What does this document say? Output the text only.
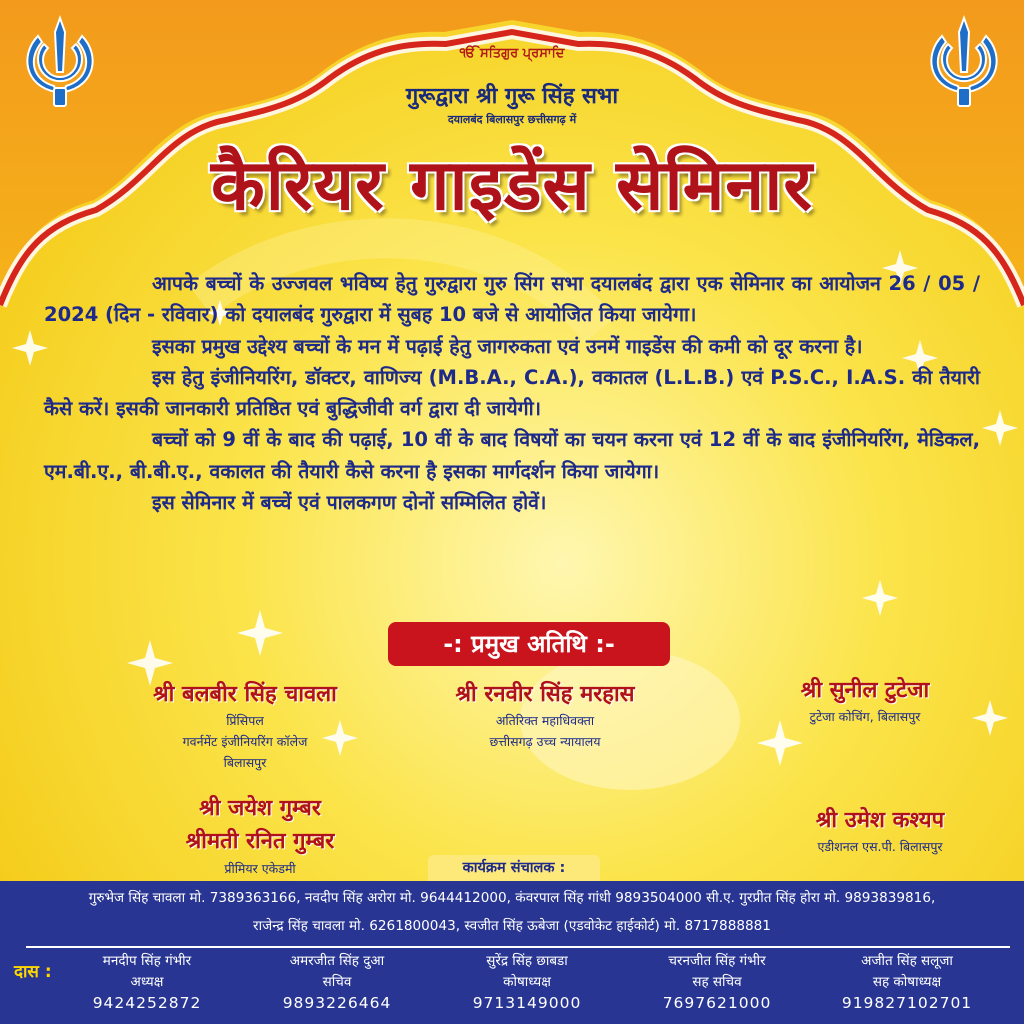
ੴ ਸਤਿਗੁਰ ਪ੍ਰਸਾਦਿ
गुरूद्वारा श्री गुरू सिंह सभा
दयालबंद बिलासपुर छत्तीसगढ़ में
कैरियर गाइडेंस सेमिनार

आपके बच्चों के उज्जवल भविष्य हेतु गुरुद्वारा गुरु सिंग सभा दयालबंद द्वारा एक सेमिनार का आयोजन 26 / 05 / 2024 (दिन - रविवार) को दयालबंद गुरुद्वारा में सुबह 10 बजे से आयोजित किया जायेगा।

इसका प्रमुख उद्देश्य बच्चों के मन में पढ़ाई हेतु जागरुकता एवं उनमें गाइडेंस की कमी को दूर करना है।

इस हेतु इंजीनियरिंग, डॉक्टर, वाणिज्य (M.B.A., C.A.), वकातल (L.L.B.) एवं P.S.C., I.A.S. की तैयारी कैसे करें। इसकी जानकारी प्रतिष्ठित एवं बुद्धिजीवी वर्ग द्वारा दी जायेगी।

बच्चों को 9 वीं के बाद की पढ़ाई, 10 वीं के बाद विषयों का चयन करना एवं 12 वीं के बाद इंजीनियरिंग, मेडिकल, एम.बी.ए., बी.बी.ए., वकालत की तैयारी कैसे करना है इसका मार्गदर्शन किया जायेगा।

इस सेमिनार में बच्चें एवं पालकगण दोनों सम्मिलित होवें।

-: प्रमुख अतिथि :-
श्री बलबीर सिंह चावला
प्रिंसिपल
गवर्नमेंट इंजीनियरिंग कॉलेज
बिलासपुर
श्री रनवीर सिंह मरहास
अतिरिक्त महाधिवक्ता
छत्तीसगढ़ उच्च न्यायालय
श्री सुनील टुटेजा
टुटेजा कोचिंग, बिलासपुर
श्री जयेश गुम्बर
श्रीमती रनित गुम्बर
प्रीमियर एकेडमी
श्री उमेश कश्यप
एडीशनल एस.पी. बिलासपुर
कार्यक्रम संचालक :
गुरुभेज सिंह चावला मो. 7389363166, नवदीप सिंह अरोरा मो. 9644412000, कंवरपाल सिंह गांधी 9893504000 सी.ए. गुरप्रीत सिंह होरा मो. 9893839816,
राजेन्द्र सिंह चावला मो. 6261800043, स्वजीत सिंह ऊबेजा (एडवोकेट हाईकोर्ट) मो. 8717888881
दास :
मनदीप सिंह गंभीर
अध्यक्ष
9424252872
अमरजीत सिंह दुआ
सचिव
9893226464
सुरेंद्र सिंह छाबडा
कोषाध्यक्ष
9713149000
चरनजीत सिंह गंभीर
सह सचिव
7697621000
अजीत सिंह सलूजा
सह कोषाध्यक्ष
919827102701
